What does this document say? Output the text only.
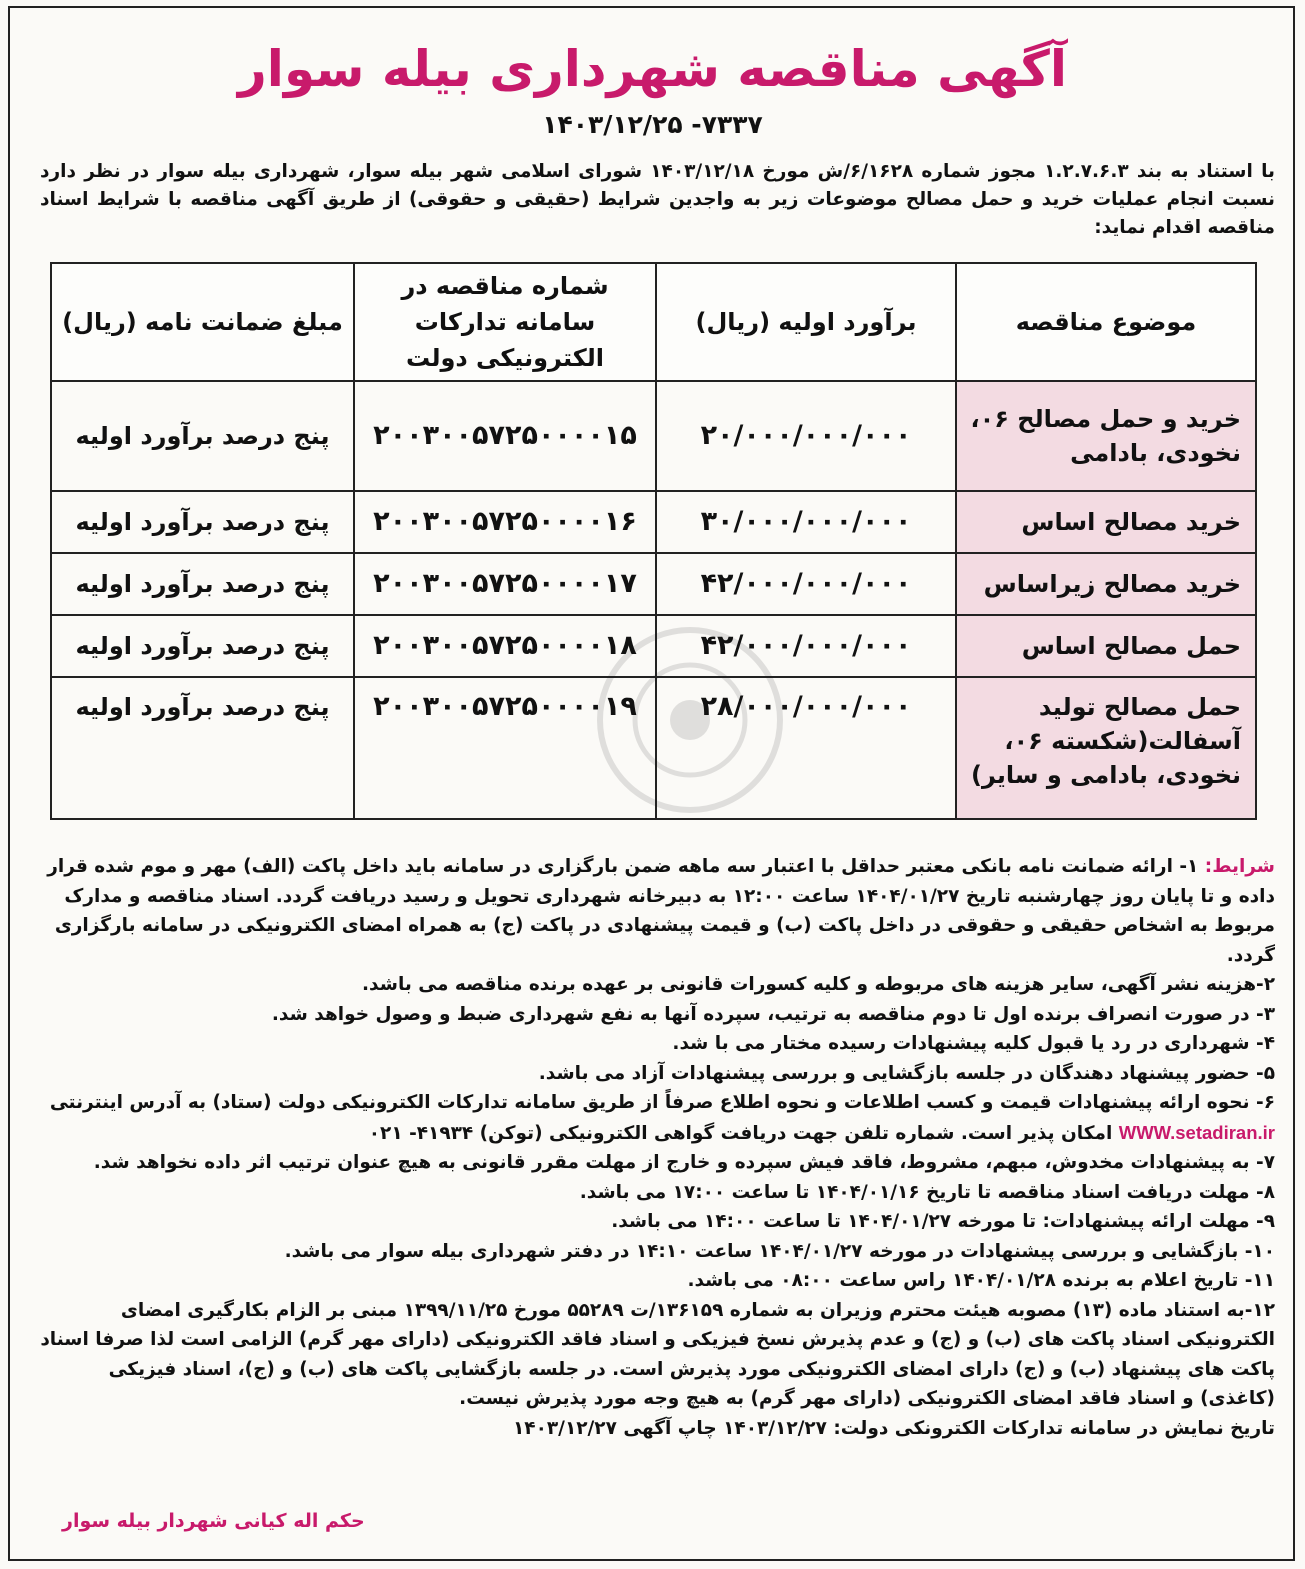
آگهی مناقصه شهرداری بیله سوار
۷۳۳۷- ۱۴۰۳/۱۲/۲۵
با استناد به بند ۱.۲.۷.۶.۳ مجوز شماره ۶/۱۶۲۸/ش مورخ ۱۴۰۳/۱۲/۱۸ شورای اسلامی شهر بیله سوار، شهرداری بیله سوار در نظر دارد نسبت انجام عملیات خرید و حمل مصالح موضوعات زیر به واجدین شرایط (حقیقی و حقوقی) از طریق آگهی مناقصه با شرایط اسناد مناقصه اقدام نماید:
موضوع مناقصه	برآورد اولیه (ریال)	شماره مناقصه در سامانه تدارکات الکترونیکی دولت	مبلغ ضمانت نامه (ریال)
خرید و حمل مصالح ۰۶، نخودی، بادامی	۲۰/۰۰۰/۰۰۰/۰۰۰	۲۰۰۳۰۰۵۷۲۵۰۰۰۰۱۵	پنج درصد برآورد اولیه
خرید مصالح اساس	۳۰/۰۰۰/۰۰۰/۰۰۰	۲۰۰۳۰۰۵۷۲۵۰۰۰۰۱۶	پنج درصد برآورد اولیه
خرید مصالح زیراساس	۴۲/۰۰۰/۰۰۰/۰۰۰	۲۰۰۳۰۰۵۷۲۵۰۰۰۰۱۷	پنج درصد برآورد اولیه
حمل مصالح اساس	۴۲/۰۰۰/۰۰۰/۰۰۰	۲۰۰۳۰۰۵۷۲۵۰۰۰۰۱۸	پنج درصد برآورد اولیه
حمل مصالح تولید آسفالت(شکسته ۰۶، نخودی، بادامی و سایر)	۲۸/۰۰۰/۰۰۰/۰۰۰	۲۰۰۳۰۰۵۷۲۵۰۰۰۰۱۹	پنج درصد برآورد اولیه

شرایط: ۱- ارائه ضمانت نامه بانکی معتبر حداقل با اعتبار سه ماهه ضمن بارگزاری در سامانه باید داخل پاکت (الف) مهر و موم شده قرار داده و تا پایان روز چهارشنبه تاریخ ۱۴۰۴/۰۱/۲۷ ساعت ۱۲:۰۰ به دبیرخانه شهرداری تحویل و رسید دریافت گردد. اسناد مناقصه و مدارک مربوط به اشخاص حقیقی و حقوقی در داخل پاکت (ب) و قیمت پیشنهادی در پاکت (ج) به همراه امضای الکترونیکی در سامانه بارگزاری گردد.

۲-هزینه نشر آگهی، سایر هزینه های مربوطه و کلیه کسورات قانونی بر عهده برنده مناقصه می باشد.

۳- در صورت انصراف برنده اول تا دوم مناقصه به ترتیب، سپرده آنها به نفع شهرداری ضبط و وصول خواهد شد.

۴- شهرداری در رد یا قبول کلیه پیشنهادات رسیده مختار می با شد.

۵- حضور پیشنهاد دهندگان در جلسه بازگشایی و بررسی پیشنهادات آزاد می باشد.

۶- نحوه ارائه پیشنهادات قیمت و کسب اطلاعات و نحوه اطلاع صرفاً از طریق سامانه تدارکات الکترونیکی دولت (ستاد) به آدرس اینترنتی WWW.setadiran.ir امکان پذیر است. شماره تلفن جهت دریافت گواهی الکترونیکی (توکن) ۴۱۹۳۴- ۰۲۱

۷- به پیشنهادات مخدوش، مبهم، مشروط، فاقد فیش سپرده و خارج از مهلت مقرر قانونی به هیچ عنوان ترتیب اثر داده نخواهد شد.

۸- مهلت دریافت اسناد مناقصه تا تاریخ ۱۴۰۴/۰۱/۱۶ تا ساعت ۱۷:۰۰ می باشد.

۹- مهلت ارائه پیشنهادات: تا مورخه ۱۴۰۴/۰۱/۲۷ تا ساعت ۱۴:۰۰ می باشد.

۱۰- بازگشایی و بررسی پیشنهادات در مورخه ۱۴۰۴/۰۱/۲۷ ساعت ۱۴:۱۰ در دفتر شهرداری بیله سوار می باشد.

۱۱- تاریخ اعلام به برنده ۱۴۰۴/۰۱/۲۸ راس ساعت ۰۸:۰۰ می باشد.

۱۲-به استناد ماده (۱۳) مصوبه هیئت محترم وزیران به شماره ۱۳۶۱۵۹/ت ۵۵۲۸۹ مورخ ۱۳۹۹/۱۱/۲۵ مبنی بر الزام بکارگیری امضای الکترونیکی اسناد پاکت های (ب) و (ج) و عدم پذیرش نسخ فیزیکی و اسناد فاقد الکترونیکی (دارای مهر گرم) الزامی است لذا صرفا اسناد پاکت های پیشنهاد (ب) و (ج) دارای امضای الکترونیکی مورد پذیرش است. در جلسه بازگشایی پاکت های (ب) و (ج)، اسناد فیزیکی (کاغذی) و اسناد فاقد امضای الکترونیکی (دارای مهر گرم) به هیچ وجه مورد پذیرش نیست.

تاریخ نمایش در سامانه تدارکات الکترونکی دولت: ۱۴۰۳/۱۲/۲۷ چاپ آگهی ۱۴۰۳/۱۲/۲۷

حکم اله کیانی شهردار بیله سوار
